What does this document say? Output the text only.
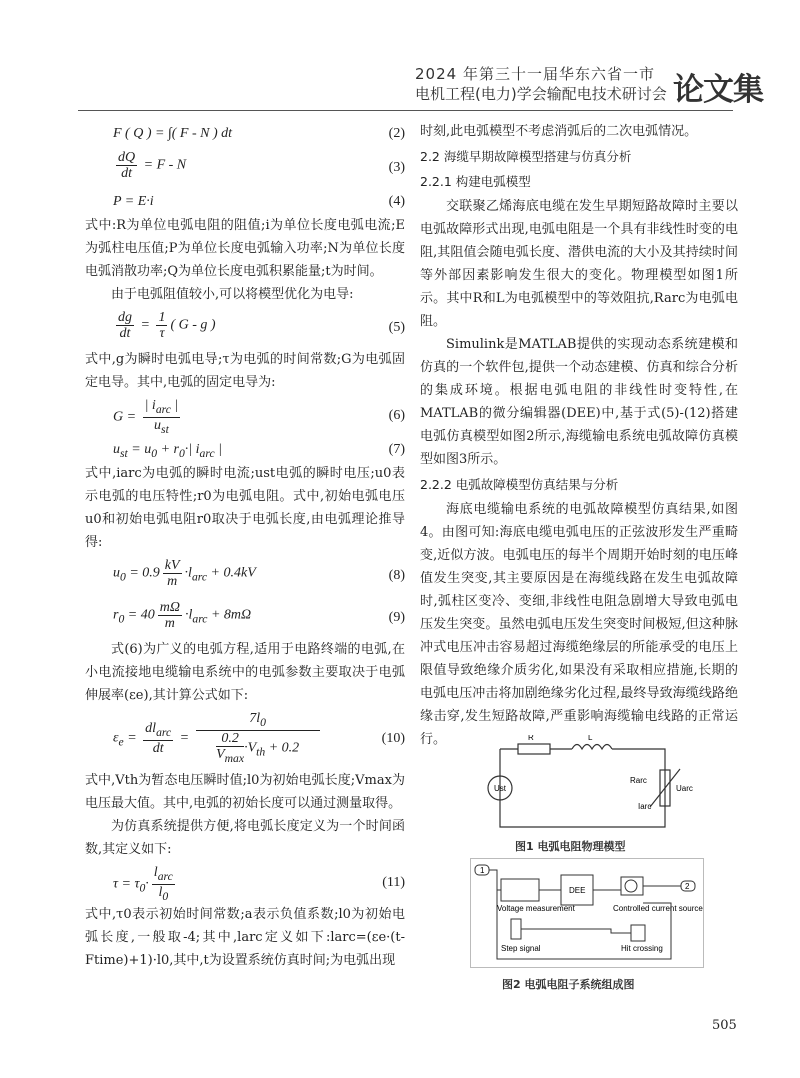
2024 年第三十一届华东六省一市
电机工程(电力)学会输配电技术研讨会 论文集
F ( Q ) = ∫( F - N ) dt	(2)
$\frac{dQ}{dt} = F - N$	(3)
P = E·i	(4)

式中:R为单位电弧电阻的阻值;i为单位长度电弧电流;E为弧柱电压值;P为单位长度电弧输入功率;N为单位长度电弧消散功率;Q为单位长度电弧积累能量;t为时间。

由于电弧阻值较小,可以将模型优化为电导:

$\frac{dg}{dt} = \frac{1}{\tau}$ ( G - g )	(5)

式中,g为瞬时电弧电导;τ为电弧的时间常数;G为电弧固定电导。其中,电弧的固定电导为:

$G = \frac{| i_{arc} |}{u_{st}}$	(6)
$u_{st} = u_0 + r_0\cdot|$ $i_{arc}$ |	(7)

式中,iarc为电弧的瞬时电流;ust电弧的瞬时电压;u0表示电弧的电压特性;r0为电弧电阻。式中,初始电弧电压u0和初始电弧电阻r0取决于电弧长度,由电弧理论推导得:

$u_0 = 0.9 \frac{kV}{m} \cdot l_{arc} + 0.4kV$	(8)
$r_0 = 40 \frac{m\Omega}{m} \cdot l_{arc} + 8m\Omega$	(9)

式(6)为广义的电弧方程,适用于电路终端的电弧,在小电流接地电缆输电系统中的电弧参数主要取决于电弧伸展率(εe),其计算公式如下:

$\varepsilon_e = \frac{dl_{arc}}{dt} = \frac{7l_0}{\frac{0.2}{V_{max}} \cdot V_{th} + 0.2}$	(10)

式中,Vth为暂态电压瞬时值;l0为初始电弧长度;Vmax为电压最大值。其中,电弧的初始长度可以通过测量取得。

为仿真系统提供方便,将电弧长度定义为一个时间函数,其定义如下:

$\tau = \tau_0\cdot \frac{l_{arc}}{l_0}$	(11)

式中,τ0表示初始时间常数;a表示负值系数;l0为初始电弧长度,一般取-4;其中,larc定义如下:larc=(εe·(t-Ftime)+1)·l0,其中,t为设置系统仿真时间;为电弧出现

时刻,此电弧模型不考虑消弧后的二次电弧情况。

2.2 海缆早期故障模型搭建与仿真分析
2.2.1 构建电弧模型

交联聚乙烯海底电缆在发生早期短路故障时主要以电弧故障形式出现,电弧电阻是一个具有非线性时变的电阻,其阻值会随电弧长度、潜供电流的大小及其持续时间等外部因素影响发生很大的变化。物理模型如图1所示。其中R和L为电弧模型中的等效阻抗,Rarc为电弧电阻。

Simulink是MATLAB提供的实现动态系统建模和仿真的一个软件包,提供一个动态建模、仿真和综合分析的集成环境。根据电弧电阻的非线性时变特性,在MATLAB的微分编辑器(DEE)中,基于式(5)-(12)搭建电弧仿真模型如图2所示,海缆输电系统电弧故障仿真模型如图3所示。

2.2.2 电弧故障模型仿真结果与分析

海底电缆输电系统的电弧故障模型仿真结果,如图4。由图可知:海底电缆电弧电压的正弦波形发生严重畸变,近似方波。电弧电压的每半个周期开始时刻的电压峰值发生突变,其主要原因是在海缆线路在发生电弧故障时,弧柱区变冷、变细,非线性电阻急剧增大导致电弧电压发生突变。虽然电弧电压发生突变时间极短,但这种脉冲式电压冲击容易超过海缆绝缘层的所能承受的电压上限值导致绝缘介质劣化,如果没有采取相应措施,长期的电弧电压冲击将加剧绝缘劣化过程,最终导致海缆线路绝缘击穿,发生短路故障,严重影响海缆输电线路的正常运行。	R	L
Ust
Rarc
Iarc
Uarc
图1 电弧电阻物理模型
1
2
Voltage measurement
DEE
Controlled current source
Step signal	Hit crossing
图2 电弧电阻子系统组成图
505
